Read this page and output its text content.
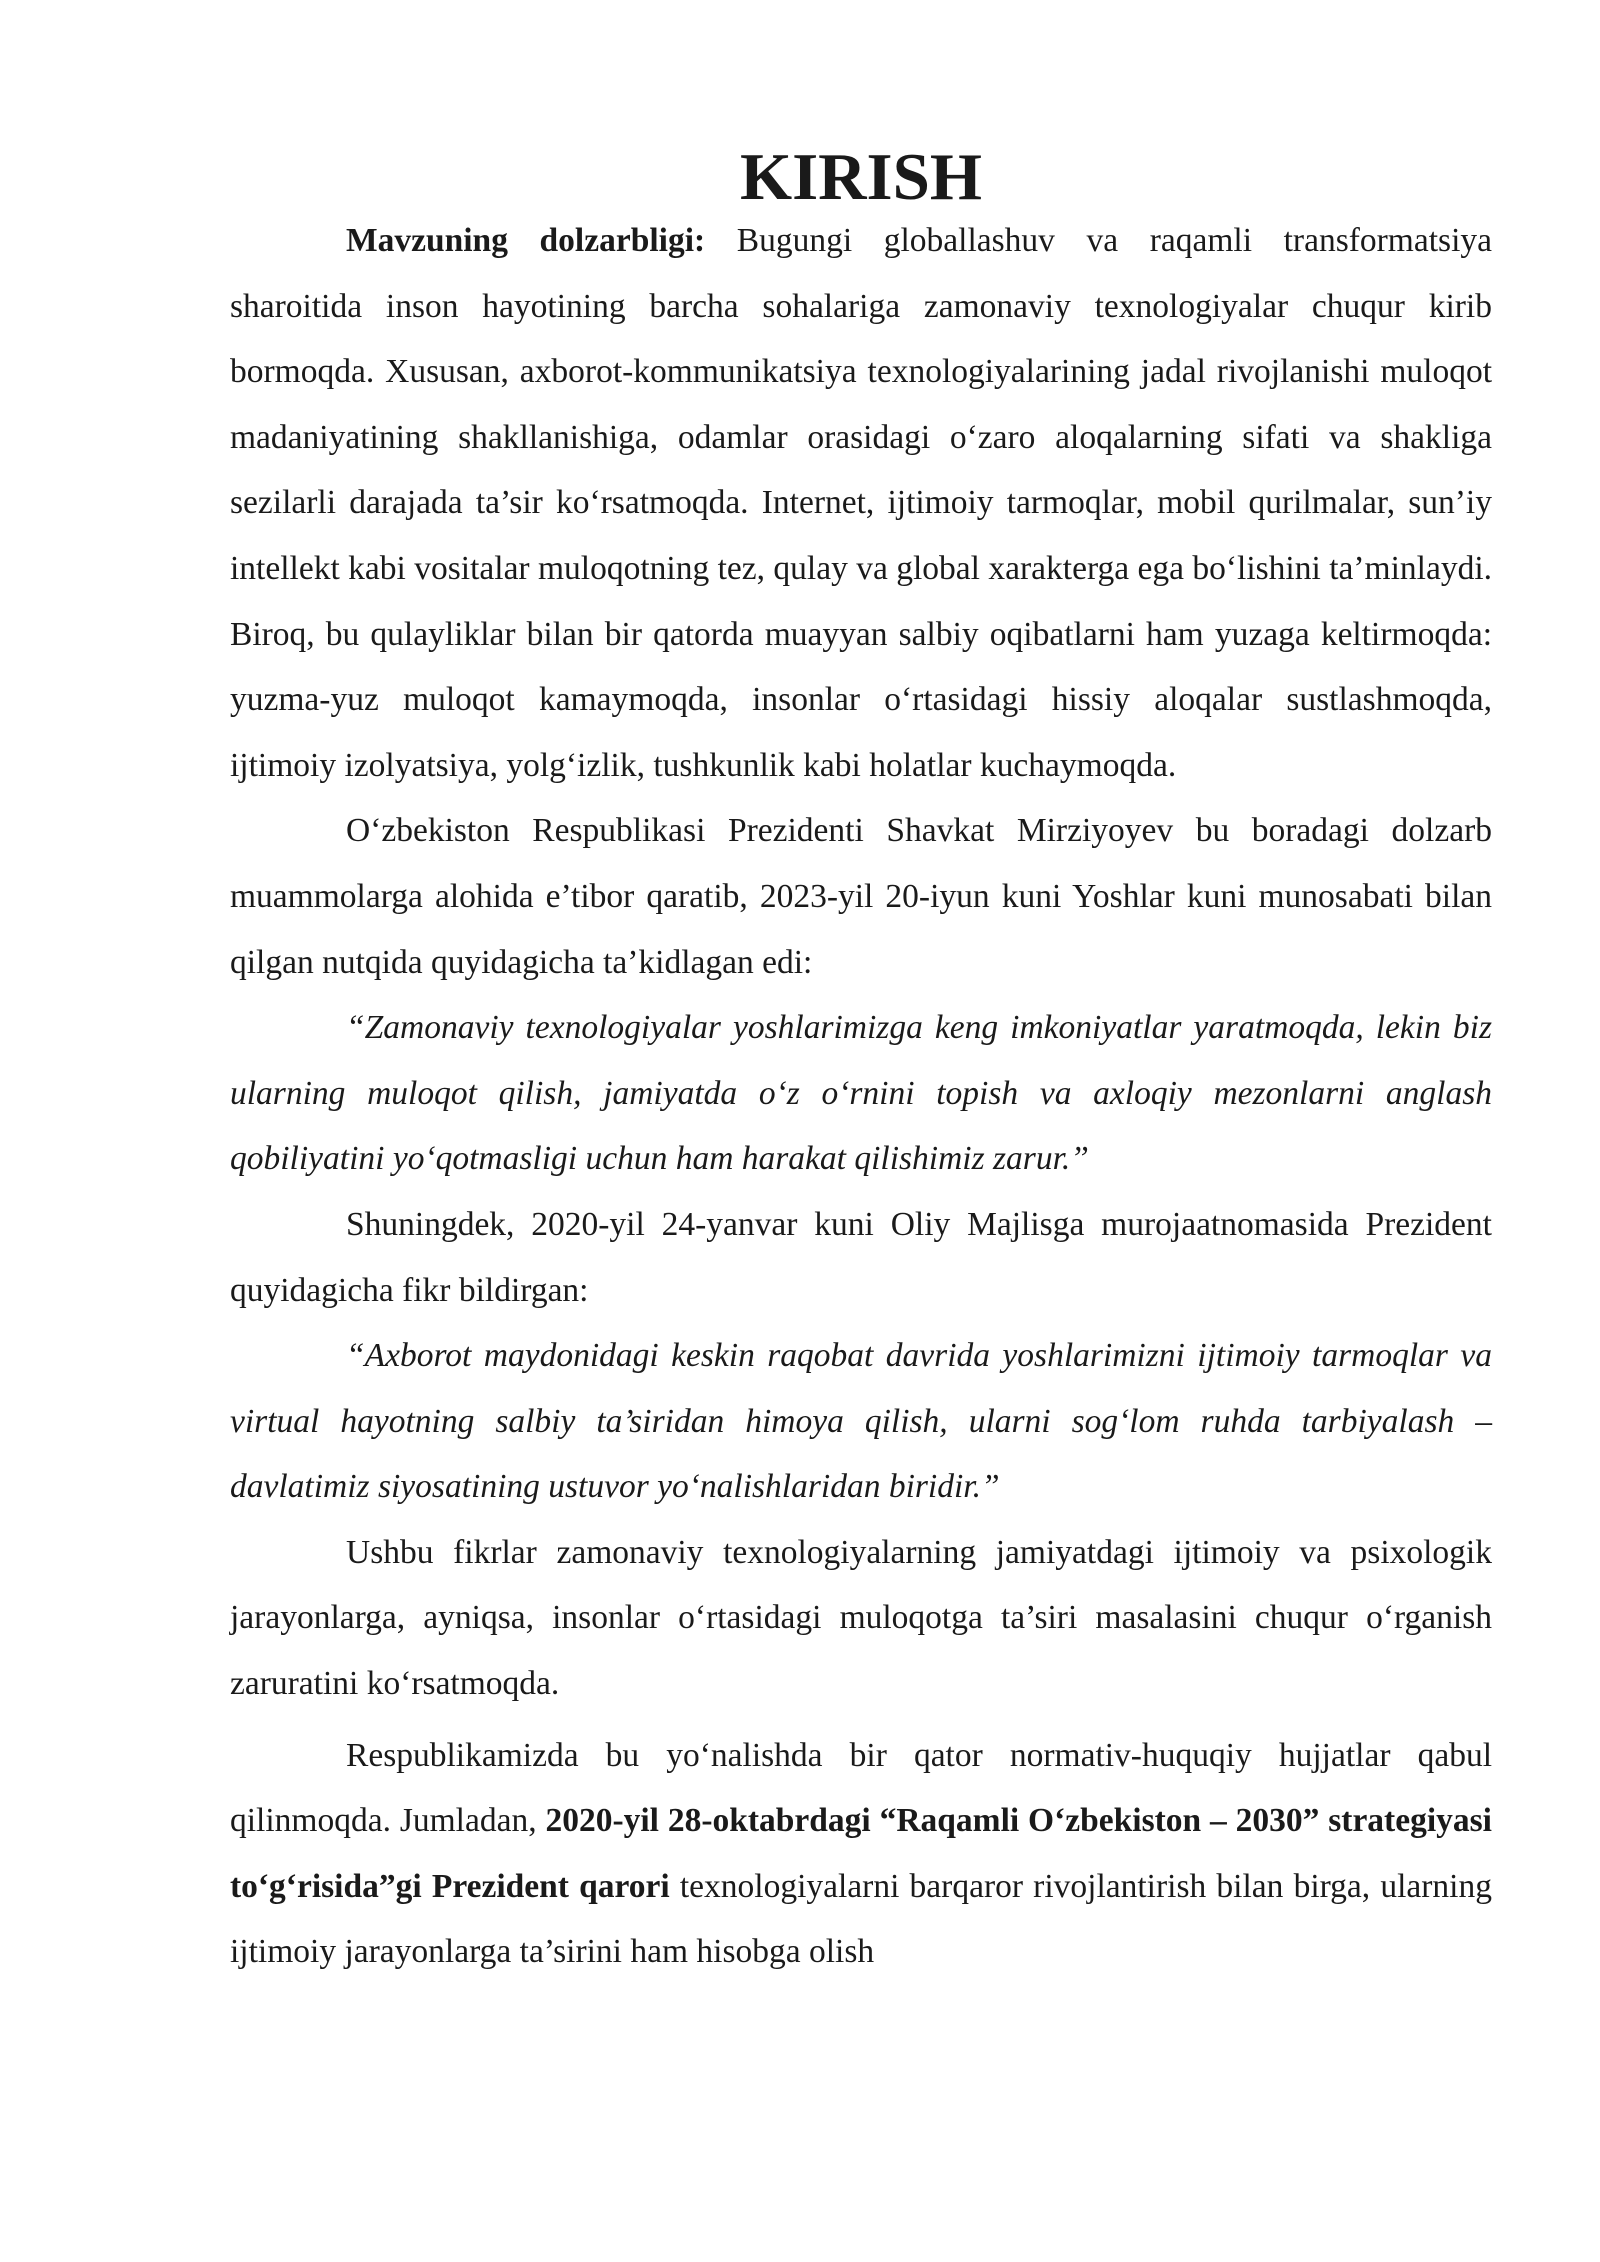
KIRISH

Mavzuning dolzarbligi: Bugungi globallashuv va raqamli transformatsiya sharoitida inson hayotining barcha sohalariga zamonaviy texnologiyalar chuqur kirib bormoqda. Xususan, axborot-kommunikatsiya texnologiyalarining jadal rivojlanishi muloqot madaniyatining shakllanishiga, odamlar orasidagi o‘zaro aloqalarning sifati va shakliga sezilarli darajada ta’sir ko‘rsatmoqda. Internet, ijtimoiy tarmoqlar, mobil qurilmalar, sun’iy intellekt kabi vositalar muloqotning tez, qulay va global xarakterga ega bo‘lishini ta’minlaydi. Biroq, bu qulayliklar bilan bir qatorda muayyan salbiy oqibatlarni ham yuzaga keltirmoqda: yuzma-yuz muloqot kamaymoqda, insonlar o‘rtasidagi hissiy aloqalar sustlashmoqda, ijtimoiy izolyatsiya, yolg‘izlik, tushkunlik kabi holatlar kuchaymoqda.

O‘zbekiston Respublikasi Prezidenti Shavkat Mirziyoyev bu boradagi dolzarb muammolarga alohida e’tibor qaratib, 2023-yil 20-iyun kuni Yoshlar kuni munosabati bilan qilgan nutqida quyidagicha ta’kidlagan edi:

“Zamonaviy texnologiyalar yoshlarimizga keng imkoniyatlar yaratmoqda, lekin biz ularning muloqot qilish, jamiyatda o‘z o‘rnini topish va axloqiy mezonlarni anglash qobiliyatini yo‘qotmasligi uchun ham harakat qilishimiz zarur.”

Shuningdek, 2020-yil 24-yanvar kuni Oliy Majlisga murojaatnomasida Prezident quyidagicha fikr bildirgan:

“Axborot maydonidagi keskin raqobat davrida yoshlarimizni ijtimoiy tarmoqlar va virtual hayotning salbiy ta’siridan himoya qilish, ularni sog‘lom ruhda tarbiyalash – davlatimiz siyosatining ustuvor yo‘nalishlaridan biridir.”

Ushbu fikrlar zamonaviy texnologiyalarning jamiyatdagi ijtimoiy va psixologik jarayonlarga, ayniqsa, insonlar o‘rtasidagi muloqotga ta’siri masalasini chuqur o‘rganish zaruratini ko‘rsatmoqda.

Respublikamizda bu yo‘nalishda bir qator normativ-huquqiy hujjatlar qabul qilinmoqda. Jumladan, 2020-yil 28-oktabrdagi “Raqamli O‘zbekiston – 2030” strategiyasi to‘g‘risida”gi Prezident qarori texnologiyalarni barqaror rivojlantirish bilan birga, ularning ijtimoiy jarayonlarga ta’sirini ham hisobga olish
